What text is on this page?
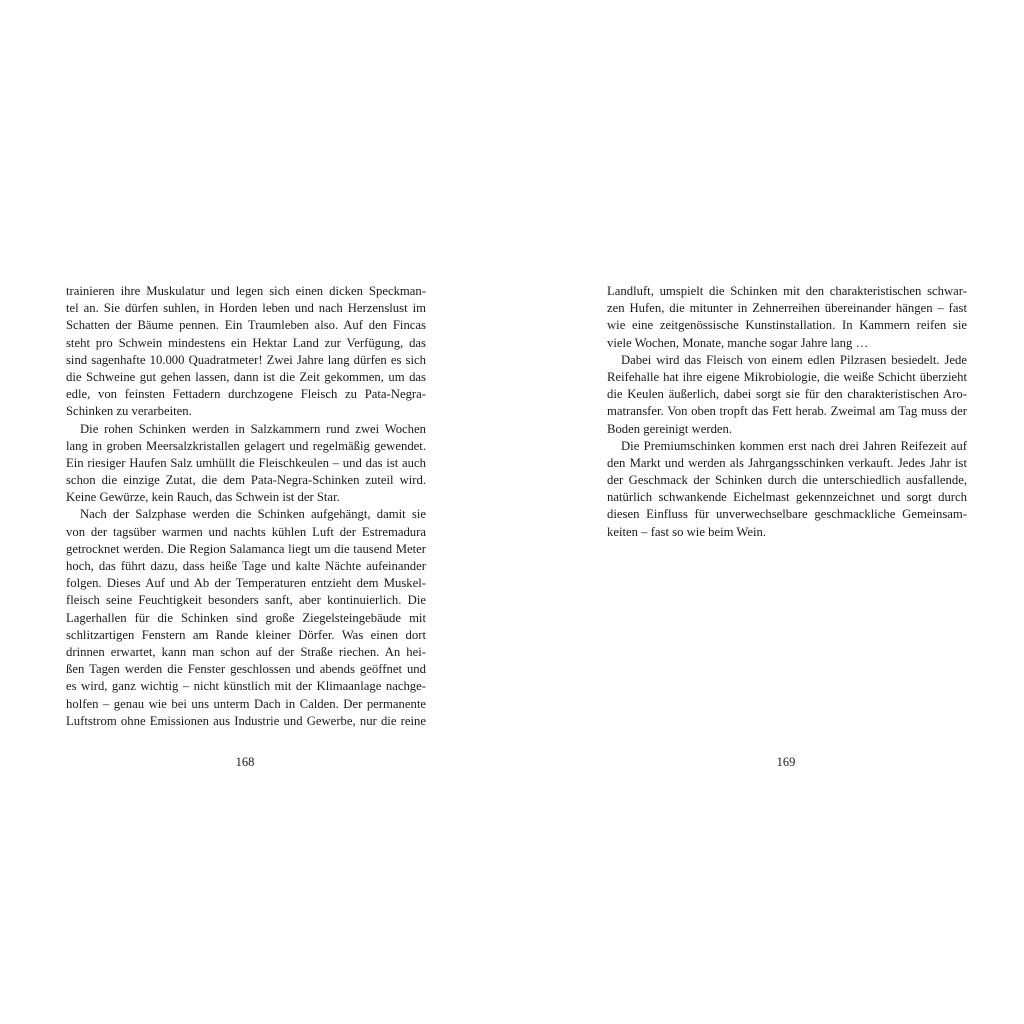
trainieren ihre Muskulatur und legen sich einen dicken Speckman-
tel an. Sie dürfen suhlen, in Horden leben und nach Herzenslust im
Schatten der Bäume pennen. Ein Traumleben also. Auf den Fincas
steht pro Schwein mindestens ein Hektar Land zur Verfügung, das
sind sagenhafte 10.000 Quadratmeter! Zwei Jahre lang dürfen es sich
die Schweine gut gehen lassen, dann ist die Zeit gekommen, um das
edle, von feinsten Fettadern durchzogene Fleisch zu Pata-Negra-
Schinken zu verarbeiten.
Die rohen Schinken werden in Salzkammern rund zwei Wochen
lang in groben Meersalzkristallen gelagert und regelmäßig gewendet.
Ein riesiger Haufen Salz umhüllt die Fleischkeulen – und das ist auch
schon die einzige Zutat, die dem Pata-Negra-Schinken zuteil wird.
Keine Gewürze, kein Rauch, das Schwein ist der Star.
Nach der Salzphase werden die Schinken aufgehängt, damit sie
von der tagsüber warmen und nachts kühlen Luft der Estremadura
getrocknet werden. Die Region Salamanca liegt um die tausend Meter
hoch, das führt dazu, dass heiße Tage und kalte Nächte aufeinander
folgen. Dieses Auf und Ab der Temperaturen entzieht dem Muskel-
fleisch seine Feuchtigkeit besonders sanft, aber kontinuierlich. Die
Lagerhallen für die Schinken sind große Ziegelsteingebäude mit
schlitzartigen Fenstern am Rande kleiner Dörfer. Was einen dort
drinnen erwartet, kann man schon auf der Straße riechen. An hei-
ßen Tagen werden die Fenster geschlossen und abends geöffnet und
es wird, ganz wichtig – nicht künstlich mit der Klimaanlage nachge-
holfen – genau wie bei uns unterm Dach in Calden. Der permanente
Luftstrom ohne Emissionen aus Industrie und Gewerbe, nur die reine
Landluft, umspielt die Schinken mit den charakteristischen schwar-
zen Hufen, die mitunter in Zehnerreihen übereinander hängen – fast
wie eine zeitgenössische Kunstinstallation. In Kammern reifen sie
viele Wochen, Monate, manche sogar Jahre lang …
Dabei wird das Fleisch von einem edlen Pilzrasen besiedelt. Jede
Reifehalle hat ihre eigene Mikrobiologie, die weiße Schicht überzieht
die Keulen äußerlich, dabei sorgt sie für den charakteristischen Aro-
matransfer. Von oben tropft das Fett herab. Zweimal am Tag muss der
Boden gereinigt werden.
Die Premiumschinken kommen erst nach drei Jahren Reifezeit auf
den Markt und werden als Jahrgangsschinken verkauft. Jedes Jahr ist
der Geschmack der Schinken durch die unterschiedlich ausfallende,
natürlich schwankende Eichelmast gekennzeichnet und sorgt durch
diesen Einfluss für unverwechselbare geschmackliche Gemeinsam-
keiten – fast so wie beim Wein.
168	169
